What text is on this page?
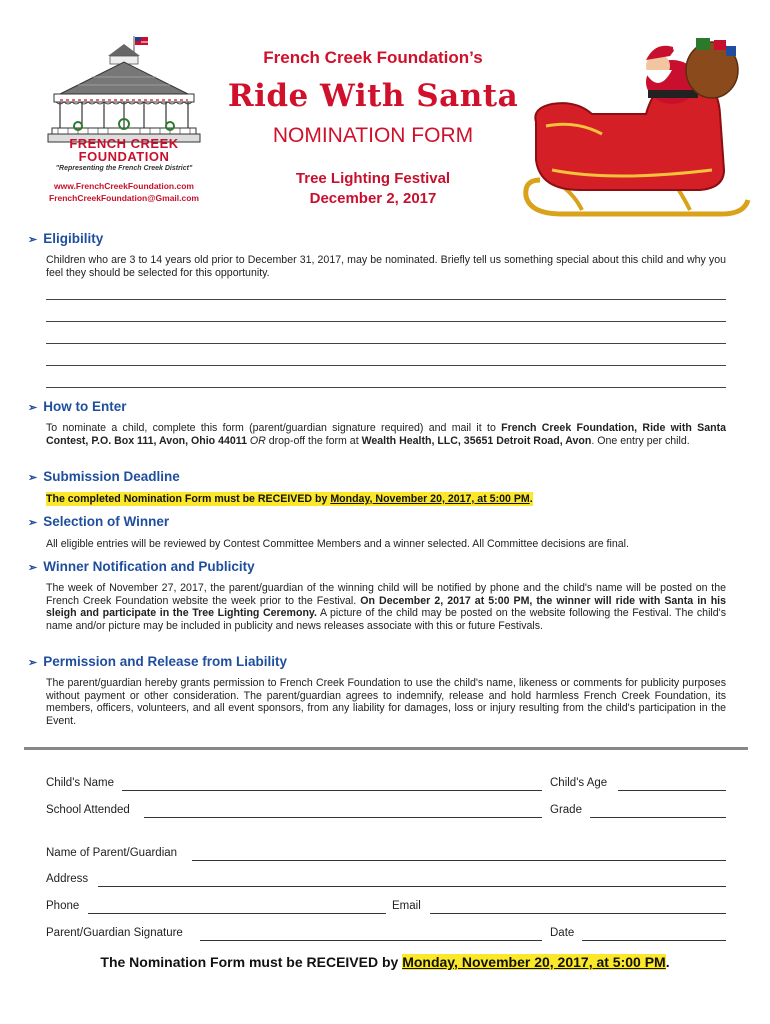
FRENCH CREEK
FOUNDATION
"Representing the French Creek District"
www.FrenchCreekFoundation.com
FrenchCreekFoundation@Gmail.com
French Creek Foundation’s
Ride With Santa
NOMINATION FORM
Tree Lighting Festival
December 2, 2017
➢ Eligibility
Children who are 3 to 14 years old prior to December 31, 2017, may be nominated. Briefly tell us something special about this child and why you feel they should be selected for this opportunity.
➢ How to Enter
To nominate a child, complete this form (parent/guardian signature required) and mail it to French Creek Foundation, Ride with Santa Contest, P.O. Box 111, Avon, Ohio 44011 OR drop-off the form at Wealth Health, LLC, 35651 Detroit Road, Avon. One entry per child.
➢ Submission Deadline
The completed Nomination Form must be RECEIVED by Monday, November 20, 2017, at 5:00 PM.
➢ Selection of Winner
All eligible entries will be reviewed by Contest Committee Members and a winner selected. All Committee decisions are final.
➢ Winner Notification and Publicity
The week of November 27, 2017, the parent/guardian of the winning child will be notified by phone and the child's name will be posted on the French Creek Foundation website the week prior to the Festival. On December 2, 2017 at 5:00 PM, the winner will ride with Santa in his sleigh and participate in the Tree Lighting Ceremony. A picture of the child may be posted on the website following the Festival. The child's name and/or picture may be included in publicity and news releases associate with this or future Festivals.
➢ Permission and Release from Liability
The parent/guardian hereby grants permission to French Creek Foundation to use the child's name, likeness or comments for publicity purposes without payment or other consideration. The parent/guardian agrees to indemnify, release and hold harmless French Creek Foundation, its members, officers, volunteers, and all event sponsors, from any liability for damages, loss or injury resulting from the child's participation in the Event.
Child's Name	Child's Age
School Attended	Grade
Name of Parent/Guardian
Address
Phone	Email
Parent/Guardian Signature	Date
The Nomination Form must be RECEIVED by Monday, November 20, 2017, at 5:00 PM.
